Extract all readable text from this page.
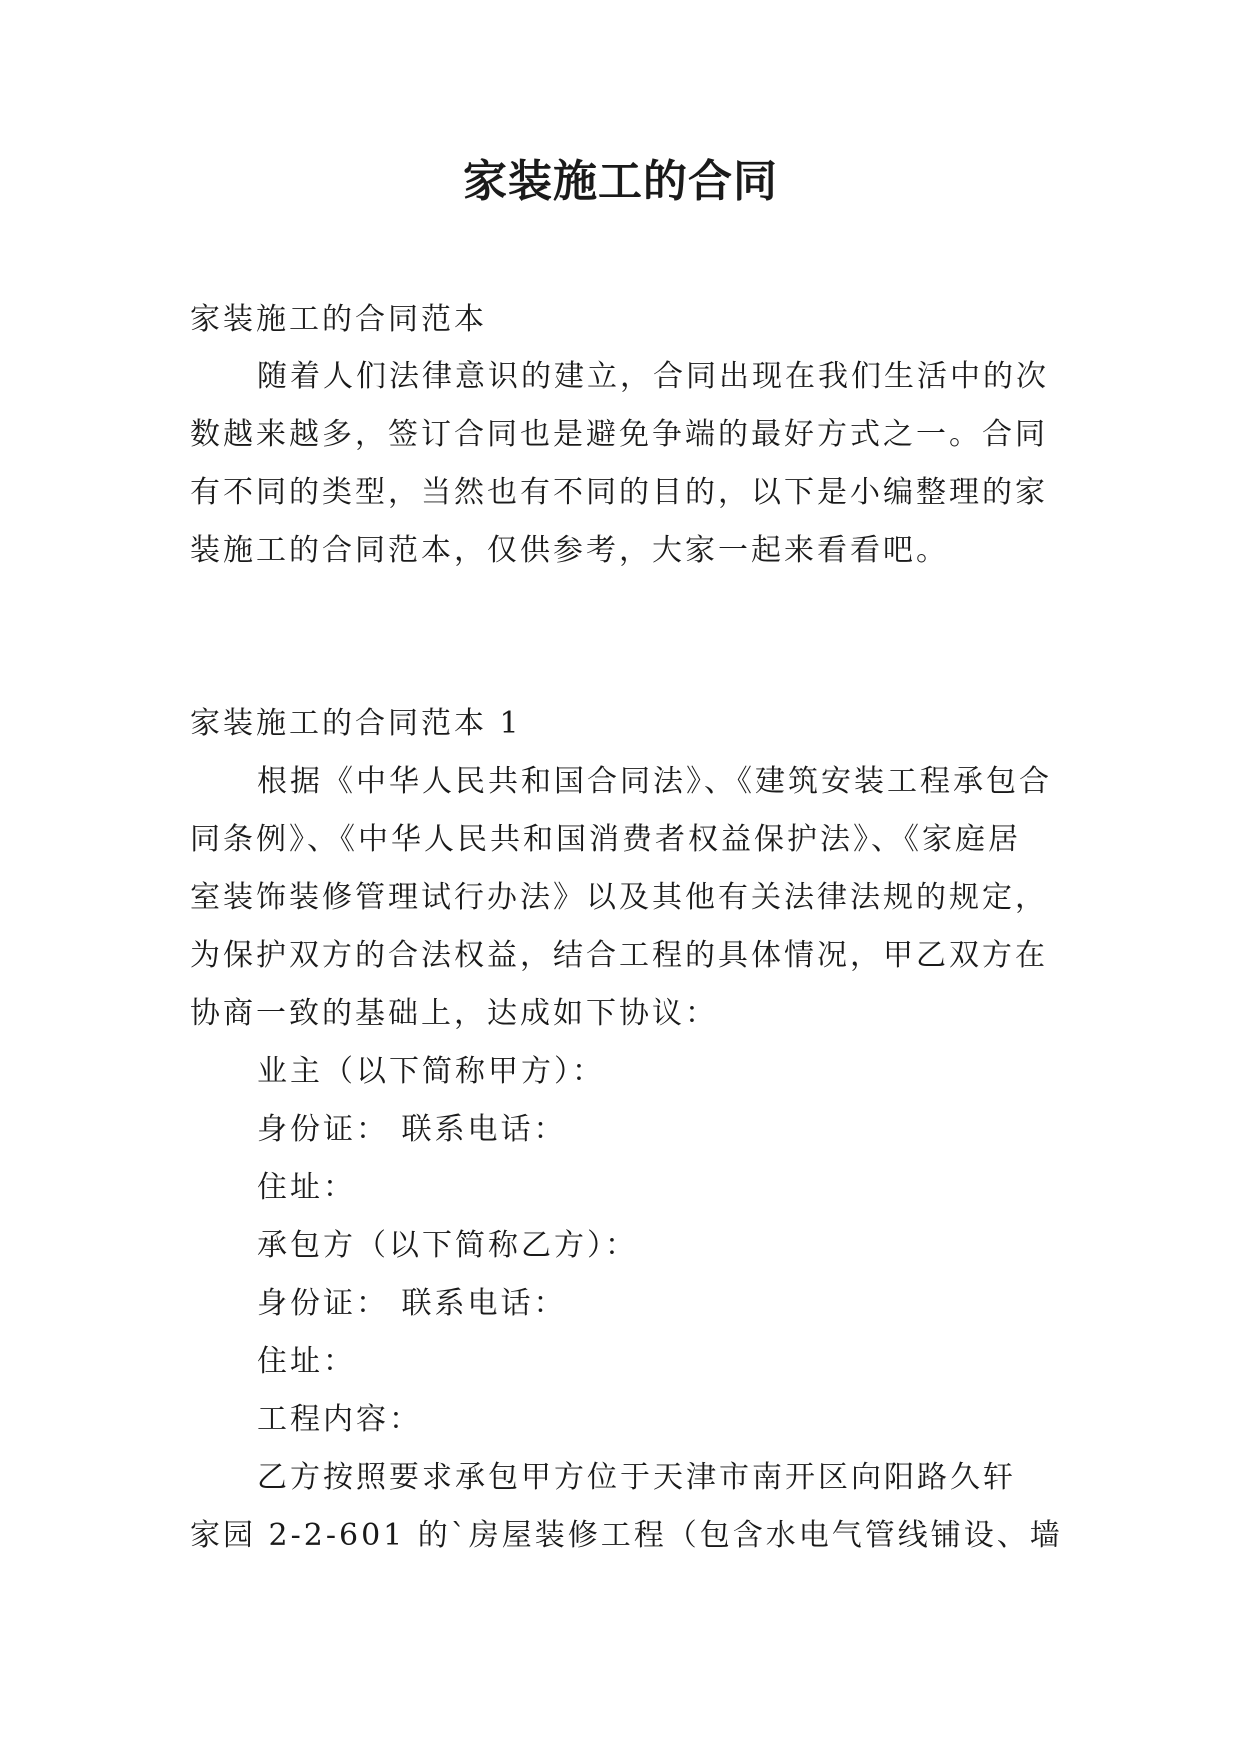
家装施工的合同
家装施工的合同范本
随着人们法律意识的建立，合同出现在我们生活中的次
数越来越多，签订合同也是避免争端的最好方式之一。合同
有不同的类型，当然也有不同的目的，以下是小编整理的家
装施工的合同范本，仅供参考，大家一起来看看吧。
家装施工的合同范本 1
根据《中华人民共和国合同法》、《建筑安装工程承包合
同条例》、《中华人民共和国消费者权益保护法》、《家庭居
室装饰装修管理试行办法》以及其他有关法律法规的规定，
为保护双方的合法权益，结合工程的具体情况，甲乙双方在
协商一致的基础上，达成如下协议：
业主（以下简称甲方）：
身份证： 联系电话：
住址：
承包方（以下简称乙方）：
身份证： 联系电话：
住址：
工程内容：
乙方按照要求承包甲方位于天津市南开区向阳路久轩
家园 2-2-601 的`房屋装修工程（包含水电气管线铺设、墙
